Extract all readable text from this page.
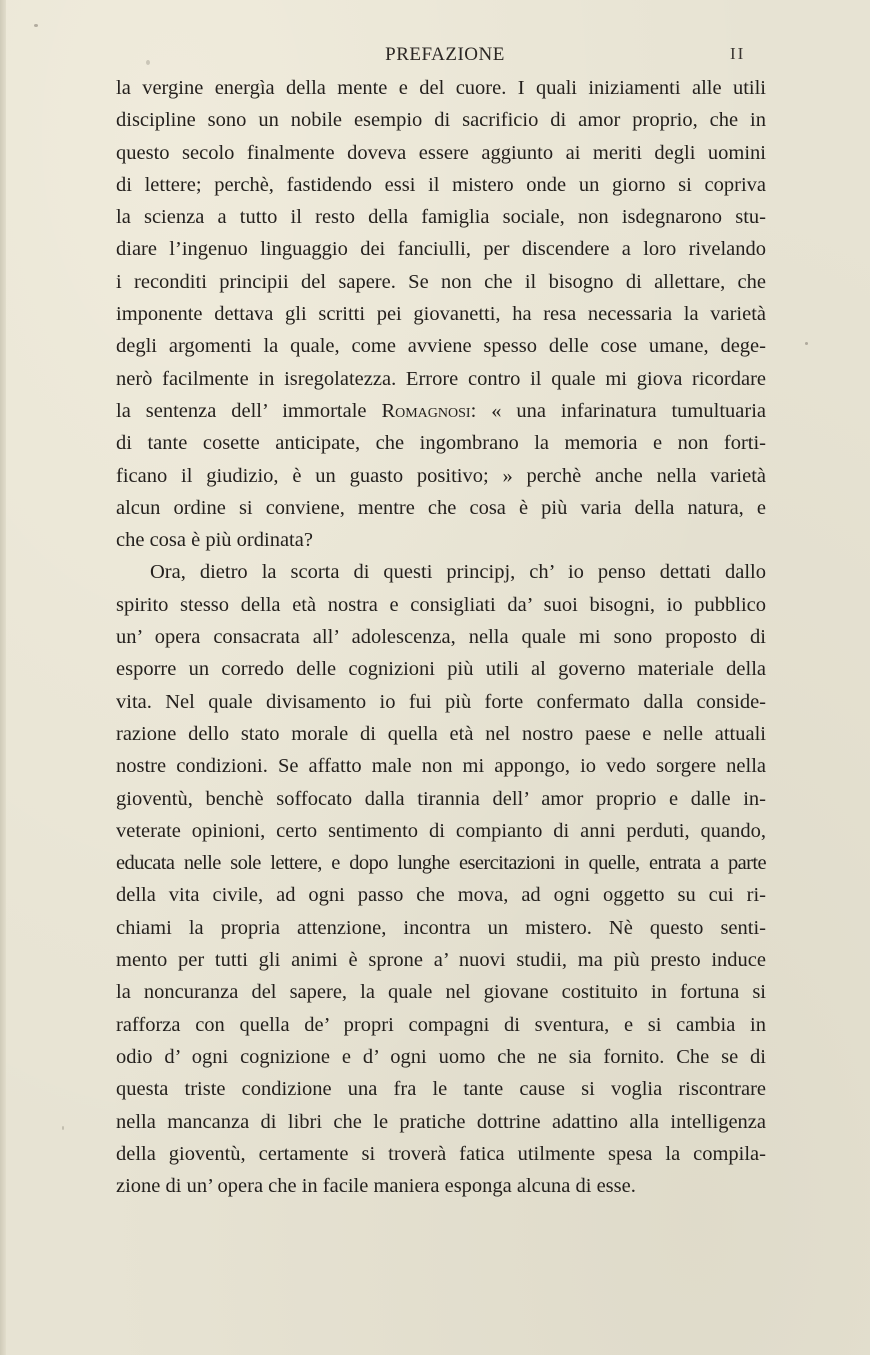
PREFAZIONE	II
la vergine energìa della mente e del cuore. I quali iniziamenti alle utili
discipline sono un nobile esempio di sacrificio di amor proprio, che in
questo secolo finalmente doveva essere aggiunto ai meriti degli uomini
di lettere; perchè, fastidendo essi il mistero onde un giorno si copriva
la scienza a tutto il resto della famiglia sociale, non isdegnarono stu-
diare l’ingenuo linguaggio dei fanciulli, per discendere a loro rivelando
i reconditi principii del sapere. Se non che il bisogno di allettare, che
imponente dettava gli scritti pei giovanetti, ha resa necessaria la varietà
degli argomenti la quale, come avviene spesso delle cose umane, dege-
nerò facilmente in isregolatezza. Errore contro il quale mi giova ricordare
la sentenza dell’ immortale Romagnosi: « una infarinatura tumultuaria
di tante cosette anticipate, che ingombrano la memoria e non forti-
ficano il giudizio, è un guasto positivo; » perchè anche nella varietà
alcun ordine si conviene, mentre che cosa è più varia della natura, e
che cosa è più ordinata?
Ora, dietro la scorta di questi principj, ch’ io penso dettati dallo
spirito stesso della età nostra e consigliati da’ suoi bisogni, io pubblico
un’ opera consacrata all’ adolescenza, nella quale mi sono proposto di
esporre un corredo delle cognizioni più utili al governo materiale della
vita. Nel quale divisamento io fui più forte confermato dalla conside-
razione dello stato morale di quella età nel nostro paese e nelle attuali
nostre condizioni. Se affatto male non mi appongo, io vedo sorgere nella
gioventù, benchè soffocato dalla tirannia dell’ amor proprio e dalle in-
veterate opinioni, certo sentimento di compianto di anni perduti, quando,
educata nelle sole lettere, e dopo lunghe esercitazioni in quelle, entrata a parte
della vita civile, ad ogni passo che mova, ad ogni oggetto su cui ri-
chiami la propria attenzione, incontra un mistero. Nè questo senti-
mento per tutti gli animi è sprone a’ nuovi studii, ma più presto induce
la noncuranza del sapere, la quale nel giovane costituito in fortuna si
rafforza con quella de’ propri compagni di sventura, e si cambia in
odio d’ ogni cognizione e d’ ogni uomo che ne sia fornito. Che se di
questa triste condizione una fra le tante cause si voglia riscontrare
nella mancanza di libri che le pratiche dottrine adattino alla intelligenza
della gioventù, certamente si troverà fatica utilmente spesa la compila-
zione di un’ opera che in facile maniera esponga alcuna di esse.
